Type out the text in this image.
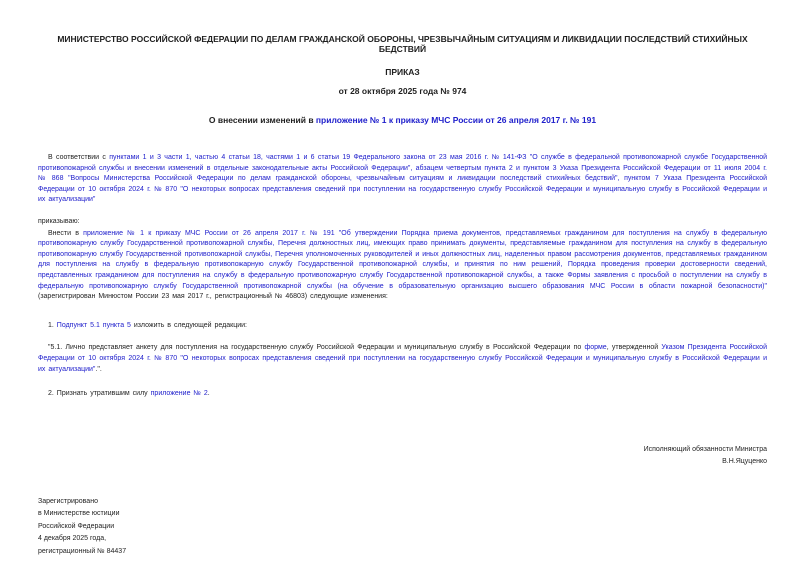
МИНИСТЕРСТВО РОССИЙСКОЙ ФЕДЕРАЦИИ ПО ДЕЛАМ ГРАЖДАНСКОЙ ОБОРОНЫ, ЧРЕЗВЫЧАЙНЫМ СИТУАЦИЯМ И ЛИКВИДАЦИИ ПОСЛЕДСТВИЙ СТИХИЙНЫХ БЕДСТВИЙ
ПРИКАЗ
от 28 октября 2025 года № 974
О внесении изменений в приложение № 1 к приказу МЧС России от 26 апреля 2017 г. № 191

В соответствии с пунктами 1 и 3 части 1, частью 4 статьи 18, частями 1 и 6 статьи 19 Федерального закона от 23 мая 2016 г. № 141-ФЗ "О службе в федеральной противопожарной службе Государственной противопожарной службы и внесении изменений в отдельные законодательные акты Российской Федерации", абзацем четвертым пункта 2 и пунктом 3 Указа Президента Российской Федерации от 11 июля 2004 г. № 868 "Вопросы Министерства Российской Федерации по делам гражданской обороны, чрезвычайным ситуациям и ликвидации последствий стихийных бедствий", пунктом 7 Указа Президента Российской Федерации от 10 октября 2024 г. № 870 "О некоторых вопросах представления сведений при поступлении на государственную службу Российской Федерации и муниципальную службу в Российской Федерации и их актуализации"

приказываю:

Внести в приложение № 1 к приказу МЧС России от 26 апреля 2017 г. № 191 "Об утверждении Порядка приема документов, представляемых гражданином для поступления на службу в федеральную противопожарную службу Государственной противопожарной службы, Перечня должностных лиц, имеющих право принимать документы, представляемые гражданином для поступления на службу в федеральную противопожарную службу Государственной противопожарной службы, Перечня уполномоченных руководителей и иных должностных лиц, наделенных правом рассмотрения документов, представляемых гражданином для поступления на службу в федеральную противопожарную службу Государственной противопожарной службы, и принятия по ним решений, Порядка проведения проверки достоверности сведений, представленных гражданином для поступления на службу в федеральную противопожарную службу Государственной противопожарной службы, а также Формы заявления с просьбой о поступлении на службу в федеральную противопожарную службу Государственной противопожарной службы (на обучение в образовательную организацию высшего образования МЧС России в области пожарной безопасности)" (зарегистрирован Минюстом России 23 мая 2017 г., регистрационный № 46803) следующие изменения:

1. Подпункт 5.1 пункта 5 изложить в следующей редакции:

"5.1. Лично представляет анкету для поступления на государственную службу Российской Федерации и муниципальную службу в Российской Федерации по форме, утвержденной Указом Президента Российской Федерации от 10 октября 2024 г. № 870 "О некоторых вопросах представления сведений при поступлении на государственную службу Российской Федерации и муниципальную службу в Российской Федерации и их актуализации".".

2. Признать утратившим силу приложение № 2.

Исполняющий обязанности Министра
В.Н.Яцуценко
Зарегистрировано
в Министерстве юстиции
Российской Федерации
4 декабря 2025 года,
регистрационный № 84437
